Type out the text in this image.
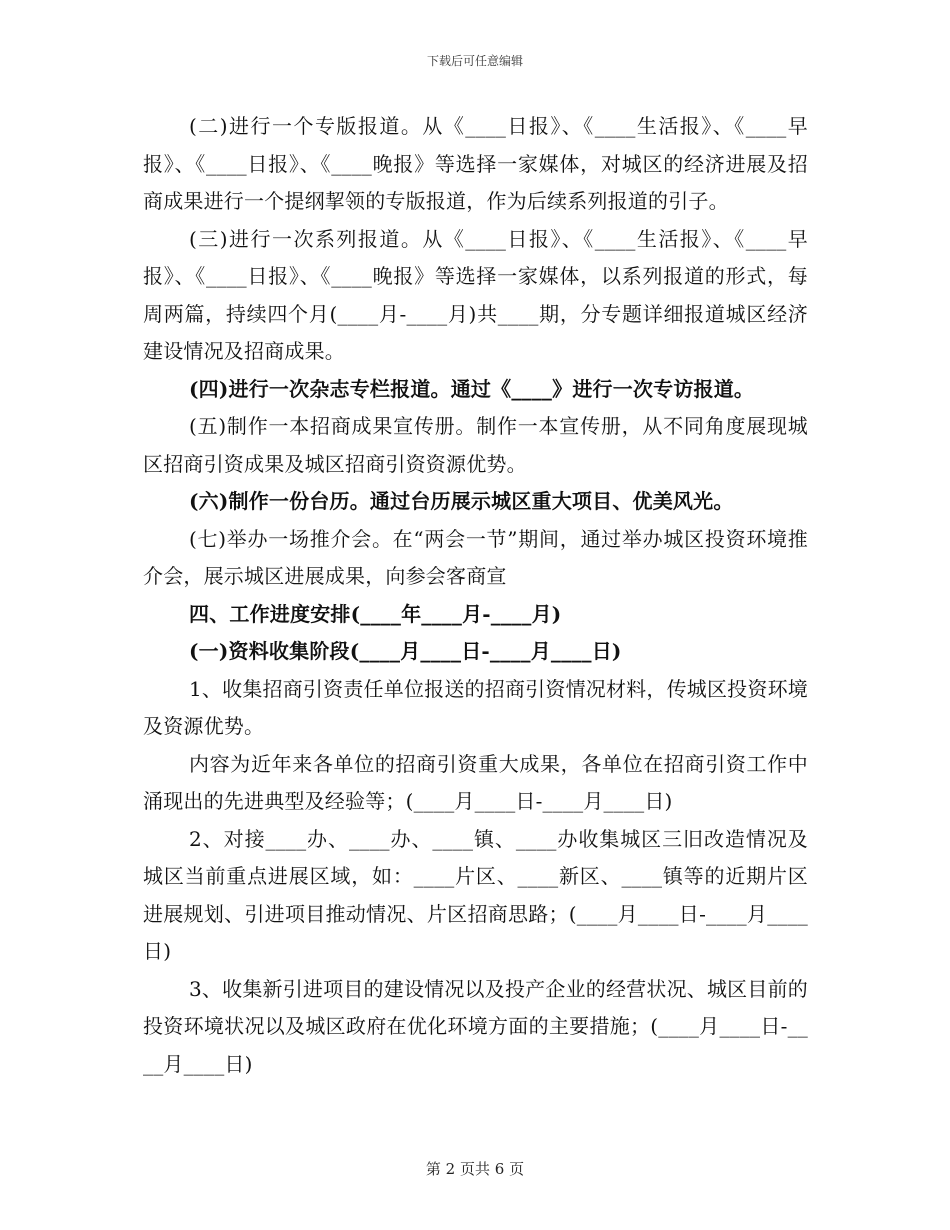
下载后可任意编辑

(二)进行一个专版报道。从《____日报》、《____生活报》、《____早报》、《____日报》、《____晚报》等选择一家媒体，对城区的经济进展及招商成果进行一个提纲挈领的专版报道，作为后续系列报道的引子。

(三)进行一次系列报道。从《____日报》、《____生活报》、《____早报》、《____日报》、《____晚报》等选择一家媒体，以系列报道的形式，每周两篇，持续四个月(____月-____月)共____期，分专题详细报道城区经济建设情况及招商成果。

(四)进行一次杂志专栏报道。通过《____》进行一次专访报道。

(五)制作一本招商成果宣传册。制作一本宣传册，从不同角度展现城区招商引资成果及城区招商引资资源优势。

(六)制作一份台历。通过台历展示城区重大项目、优美风光。

(七)举办一场推介会。在“两会一节”期间，通过举办城区投资环境推介会，展示城区进展成果，向参会客商宣

四、工作进度安排(____年____月-____月)

(一)资料收集阶段(____月____日-____月____日)

1、收集招商引资责任单位报送的招商引资情况材料，传城区投资环境及资源优势。

内容为近年来各单位的招商引资重大成果，各单位在招商引资工作中涌现出的先进典型及经验等；(____月____日-____月____日)

2、对接____办、____办、____镇、____办收集城区三旧改造情况及城区当前重点进展区域，如：____片区、____新区、____镇等的近期片区进展规划、引进项目推动情况、片区招商思路；(____月____日-____月____日)

3、收集新引进项目的建设情况以及投产企业的经营状况、城区目前的投资环境状况以及城区政府在优化环境方面的主要措施；(____月____日-____月____日)

第 2 页共 6 页
